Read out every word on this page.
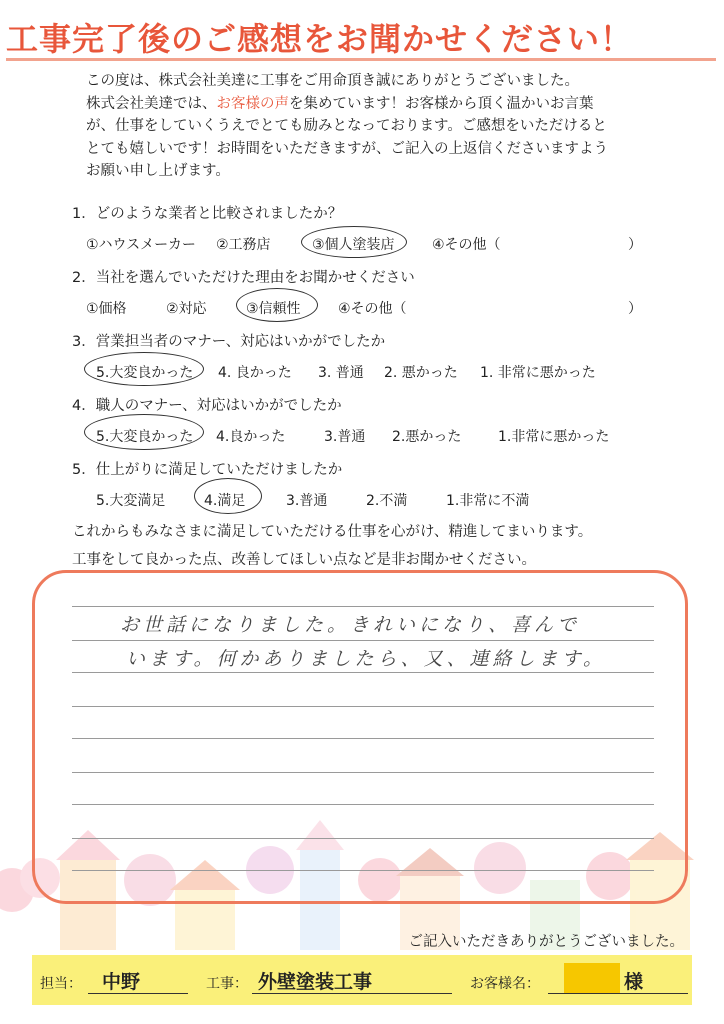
工事完了後のご感想をお聞かせください！
この度は、株式会社美達に工事をご用命頂き誠にありがとうございました。
株式会社美達では、お客様の声を集めています！お客様から頂く温かいお言葉
が、仕事をしていくうえでとても励みとなっております。ご感想をいただけると
とても嬉しいです！お時間をいただきますが、ご記入の上返信くださいますよう
お願い申し上げます。
1．どのような業者と比較されましたか？
①ハウスメーカー ②工務店	③個人塗装店	④その他（	）
2．当社を選んでいただけた理由をお聞かせください
①価格	②対応	③信頼性	④その他（	）
3．営業担当者のマナー、対応はいかがでしたか
5.大変良かった 4. 良かった 3. 普通 2. 悪かった 1. 非常に悪かった
4．職人のマナー、対応はいかがでしたか
5.大変良かった 4.良かった	3.普通 2.悪かった	1.非常に悪かった
5．仕上がりに満足していただけましたか
5.大変満足	4.満足	3.普通	2.不満	1.非常に不満
これからもみなさまに満足していただける仕事を心がけ、精進してまいります。
工事をして良かった点、改善してほしい点など是非お聞かせください。
お世話になりました。きれいになり、喜んで
います。何かありましたら、又、連絡します。
ご記入いただきありがとうございました。
担当： 中野	工事： 外壁塗装工事	お客様名：	様
